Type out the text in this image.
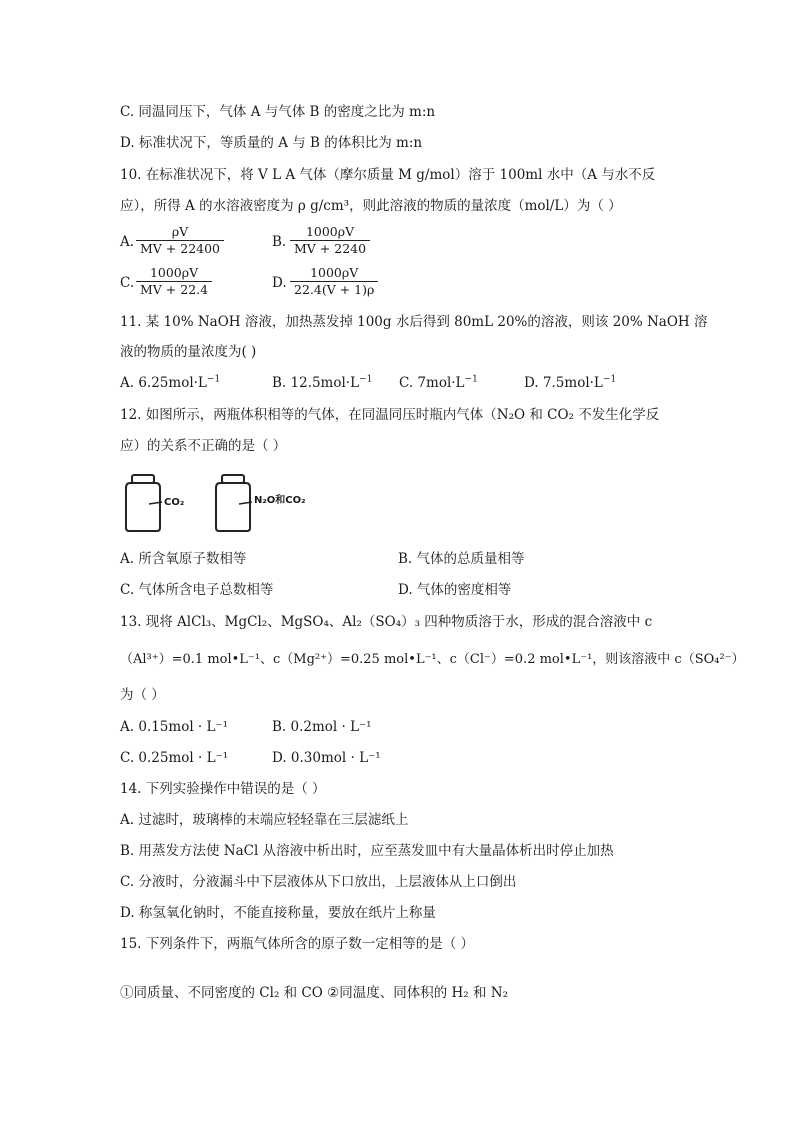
C. 同温同压下，气体 A 与气体 B 的密度之比为 m:n
D. 标准状况下，等质量的 A 与 B 的体积比为 m:n
10. 在标准状况下，将 V L A 气体（摩尔质量 M g/mol）溶于 100ml 水中（A 与水不反
应），所得 A 的水溶液密度为 ρ g/cm³，则此溶液的物质的量浓度（mol/L）为（ ）
A.
ρV
MV + 22400	B.
1000ρV
MV + 2240
C.
1000ρV
MV + 22.4	D.
1000ρV
22.4(V + 1)ρ
11. 某 10% NaOH 溶液，加热蒸发掉 100g 水后得到 80mL 20%的溶液，则该 20% NaOH 溶
液的物质的量浓度为( )
A. $6.25mol\cdot L^{-1}$	B. $12.5mol\cdot L^{-1}$ C. $7mol\cdot L^{-1}$	D. $7.5mol\cdot L^{-1}$
12. 如图所示，两瓶体积相等的气体，在同温同压时瓶内气体（N₂O 和 CO₂ 不发生化学反
应）的关系不正确的是（ ）
CO₂	N₂O和CO₂
A. 所含氧原子数相等	B. 气体的总质量相等
C. 气体所含电子总数相等	D. 气体的密度相等
13. 现将 AlCl₃、MgCl₂、MgSO₄、Al₂（SO₄）₃ 四种物质溶于水，形成的混合溶液中 c
（Al³⁺）=0.1 mol•L⁻¹、c（Mg²⁺）=0.25 mol•L⁻¹、c（Cl⁻）=0.2 mol•L⁻¹，则该溶液中 c（SO₄²⁻）
为（ ）
A. 0.15mol · L⁻¹	B. 0.2mol · L⁻¹
C. 0.25mol · L⁻¹	D. 0.30mol · L⁻¹
14. 下列实验操作中错误的是（ ）
A. 过滤时，玻璃棒的末端应轻轻靠在三层滤纸上
B. 用蒸发方法使 NaCl 从溶液中析出时，应至蒸发皿中有大量晶体析出时停止加热
C. 分液时，分液漏斗中下层液体从下口放出，上层液体从上口倒出
D. 称氢氧化钠时，不能直接称量，要放在纸片上称量
15. 下列条件下，两瓶气体所含的原子数一定相等的是（ ）
①同质量、不同密度的 Cl₂ 和 CO ②同温度、同体积的 H₂ 和 N₂
